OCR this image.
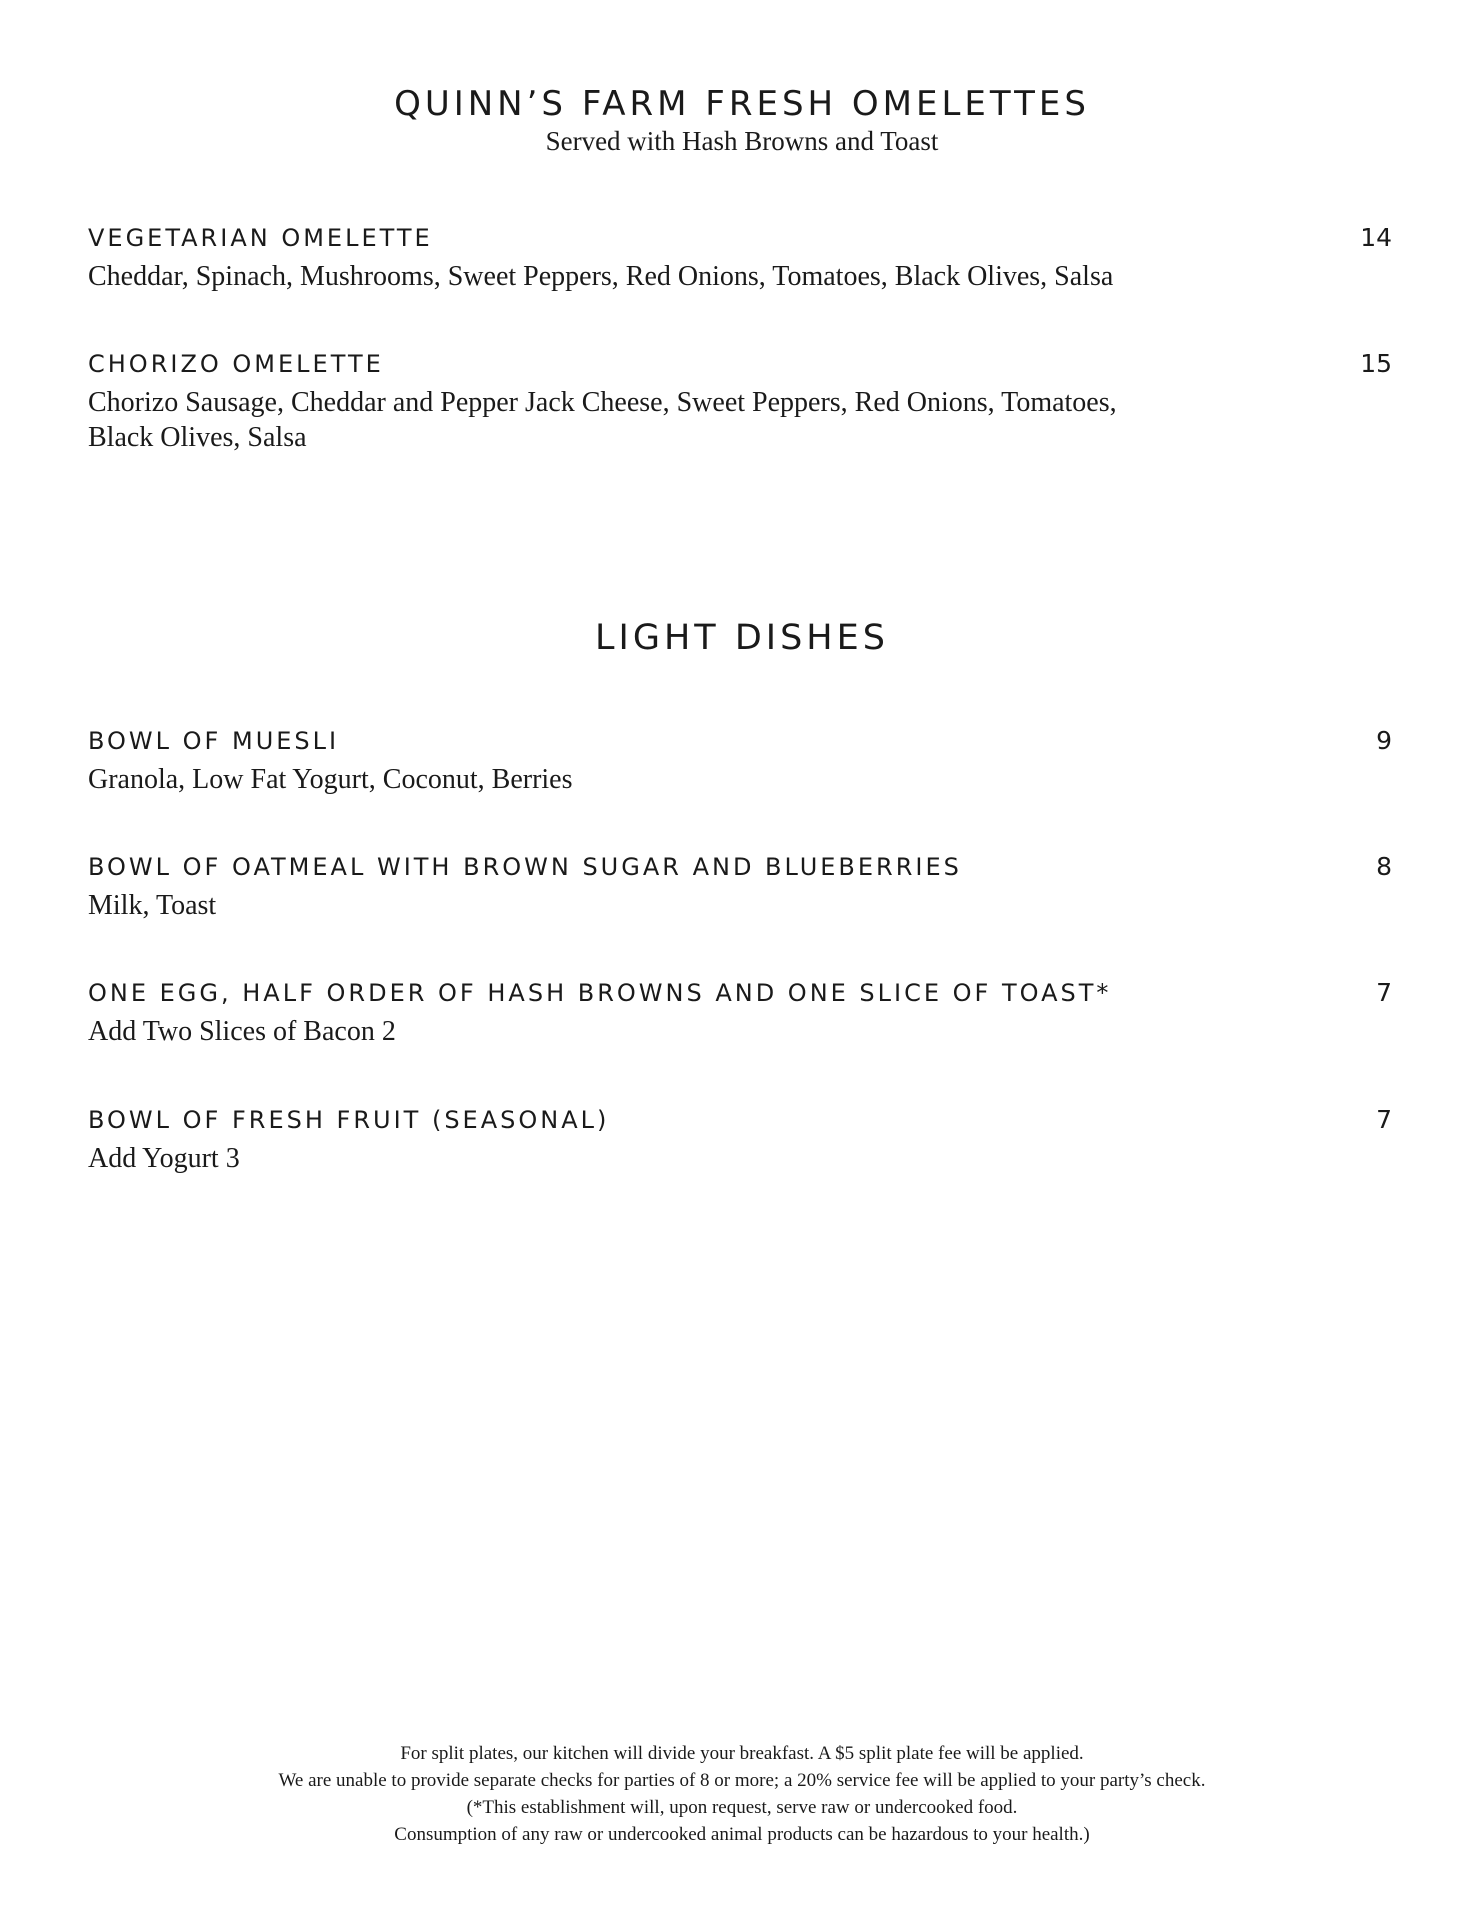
QUINN’S FARM FRESH OMELETTES
Served with Hash Browns and Toast
VEGETARIAN OMELETTE	14
Cheddar, Spinach, Mushrooms, Sweet Peppers, Red Onions, Tomatoes, Black Olives, Salsa
CHORIZO OMELETTE	15
Chorizo Sausage, Cheddar and Pepper Jack Cheese, Sweet Peppers, Red Onions, Tomatoes, Black Olives, Salsa
LIGHT DISHES
BOWL OF MUESLI	9
Granola, Low Fat Yogurt, Coconut, Berries
BOWL OF OATMEAL WITH BROWN SUGAR AND BLUEBERRIES	8
Milk, Toast
ONE EGG, HALF ORDER OF HASH BROWNS AND ONE SLICE OF TOAST*	7
Add Two Slices of Bacon 2
BOWL OF FRESH FRUIT (SEASONAL)	7
Add Yogurt 3
For split plates, our kitchen will divide your breakfast. A $5 split plate fee will be applied.
We are unable to provide separate checks for parties of 8 or more; a 20% service fee will be applied to your party’s check.
(*This establishment will, upon request, serve raw or undercooked food.
Consumption of any raw or undercooked animal products can be hazardous to your health.)
